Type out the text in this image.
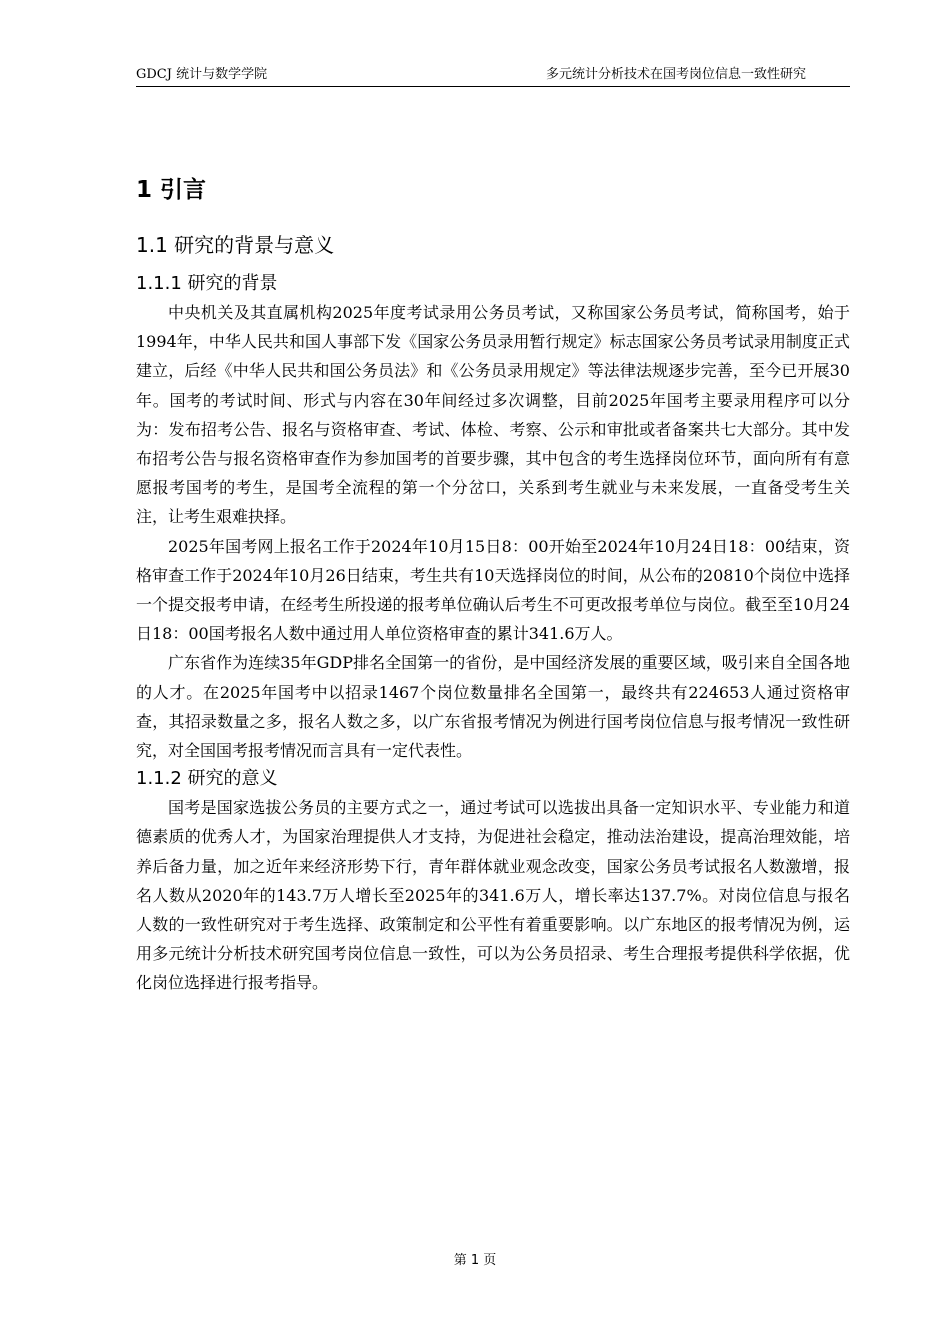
GDCJ 统计与数学学院	多元统计分析技术在国考岗位信息一致性研究
1 引言
1.1 研究的背景与意义
1.1.1 研究的背景

中央机关及其直属机构2025年度考试录用公务员考试，又称国家公务员考试，简称国考，始于1994年，中华人民共和国人事部下发《国家公务员录用暂行规定》标志国家公务员考试录用制度正式建立，后经《中华人民共和国公务员法》和《公务员录用规定》等法律法规逐步完善，至今已开展30年。国考的考试时间、形式与内容在30年间经过多次调整，目前2025年国考主要录用程序可以分为：发布招考公告、报名与资格审查、考试、体检、考察、公示和审批或者备案共七大部分。其中发布招考公告与报名资格审查作为参加国考的首要步骤，其中包含的考生选择岗位环节，面向所有有意愿报考国考的考生，是国考全流程的第一个分岔口，关系到考生就业与未来发展，一直备受考生关注，让考生艰难抉择。

2025年国考网上报名工作于2024年10月15日8：00开始至2024年10月24日18：00结束，资格审查工作于2024年10月26日结束，考生共有10天选择岗位的时间，从公布的20810个岗位中选择一个提交报考申请，在经考生所投递的报考单位确认后考生不可更改报考单位与岗位。截至至10月24日18：00国考报名人数中通过用人单位资格审查的累计341.6万人。

广东省作为连续35年GDP排名全国第一的省份，是中国经济发展的重要区域，吸引来自全国各地的人才。在2025年国考中以招录1467个岗位数量排名全国第一，最终共有224653人通过资格审查，其招录数量之多，报名人数之多，以广东省报考情况为例进行国考岗位信息与报考情况一致性研究，对全国国考报考情况而言具有一定代表性。

1.1.2 研究的意义

国考是国家选拔公务员的主要方式之一，通过考试可以选拔出具备一定知识水平、专业能力和道德素质的优秀人才，为国家治理提供人才支持，为促进社会稳定，推动法治建设，提高治理效能，培养后备力量，加之近年来经济形势下行，青年群体就业观念改变，国家公务员考试报名人数激增，报名人数从2020年的143.7万人增长至2025年的341.6万人，增长率达137.7%。对岗位信息与报名人数的一致性研究对于考生选择、政策制定和公平性有着重要影响。以广东地区的报考情况为例，运用多元统计分析技术研究国考岗位信息一致性，可以为公务员招录、考生合理报考提供科学依据，优化岗位选择进行报考指导。

第 1 页
